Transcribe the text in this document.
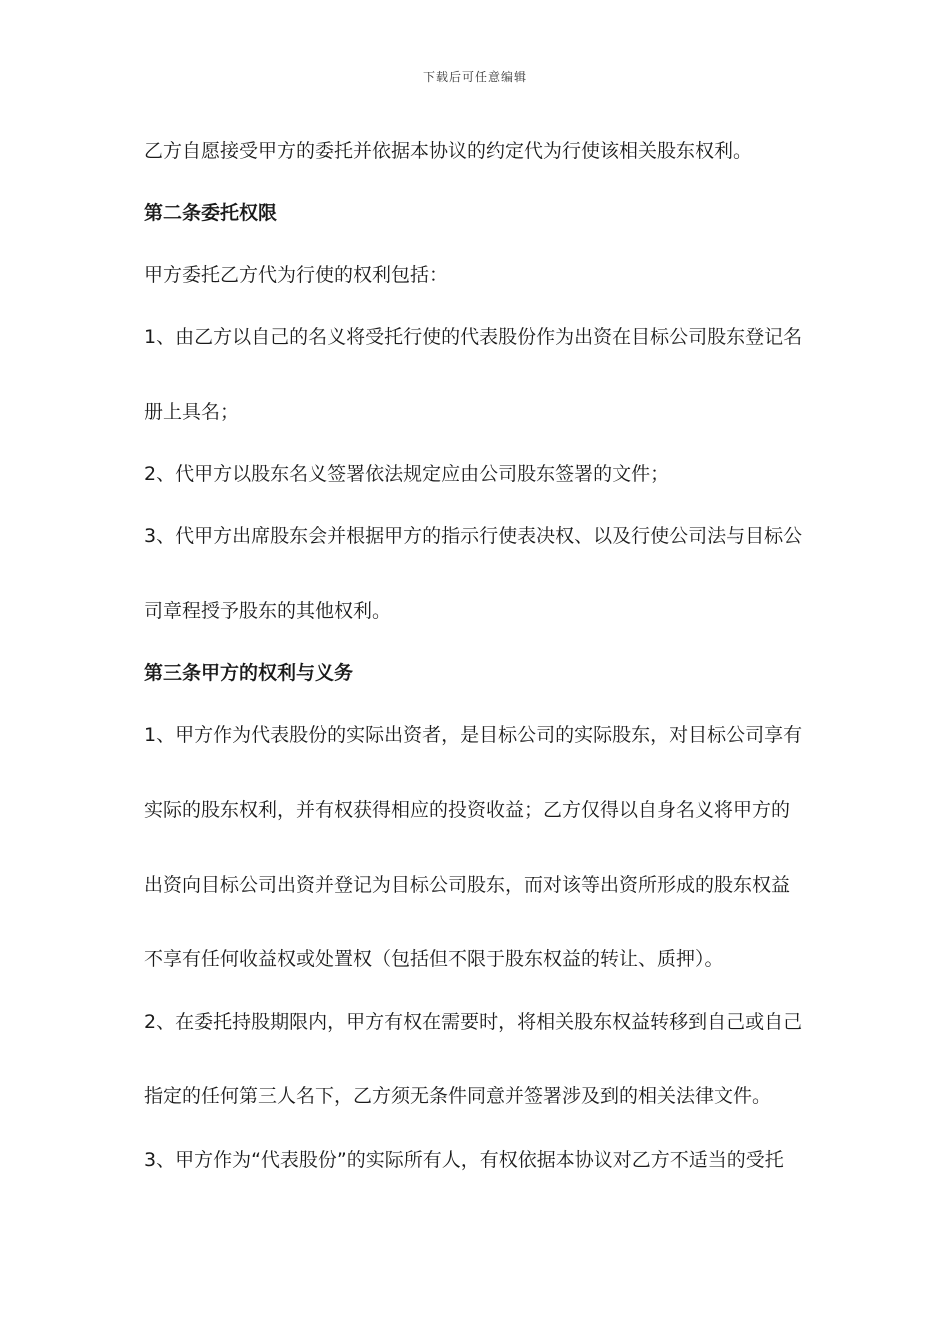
下载后可任意编辑
乙方自愿接受甲方的委托并依据本协议的约定代为行使该相关股东权利。
第二条委托权限
甲方委托乙方代为行使的权利包括：
1、由乙方以自己的名义将受托行使的代表股份作为出资在目标公司股东登记名
册上具名；
2、代甲方以股东名义签署依法规定应由公司股东签署的文件；
3、代甲方出席股东会并根据甲方的指示行使表决权、以及行使公司法与目标公
司章程授予股东的其他权利。
第三条甲方的权利与义务
1、甲方作为代表股份的实际出资者，是目标公司的实际股东，对目标公司享有
实际的股东权利，并有权获得相应的投资收益；乙方仅得以自身名义将甲方的
出资向目标公司出资并登记为目标公司股东，而对该等出资所形成的股东权益
不享有任何收益权或处置权（包括但不限于股东权益的转让、质押）。
2、在委托持股期限内，甲方有权在需要时，将相关股东权益转移到自己或自己
指定的任何第三人名下，乙方须无条件同意并签署涉及到的相关法律文件。
3、甲方作为“代表股份”的实际所有人，有权依据本协议对乙方不适当的受托
